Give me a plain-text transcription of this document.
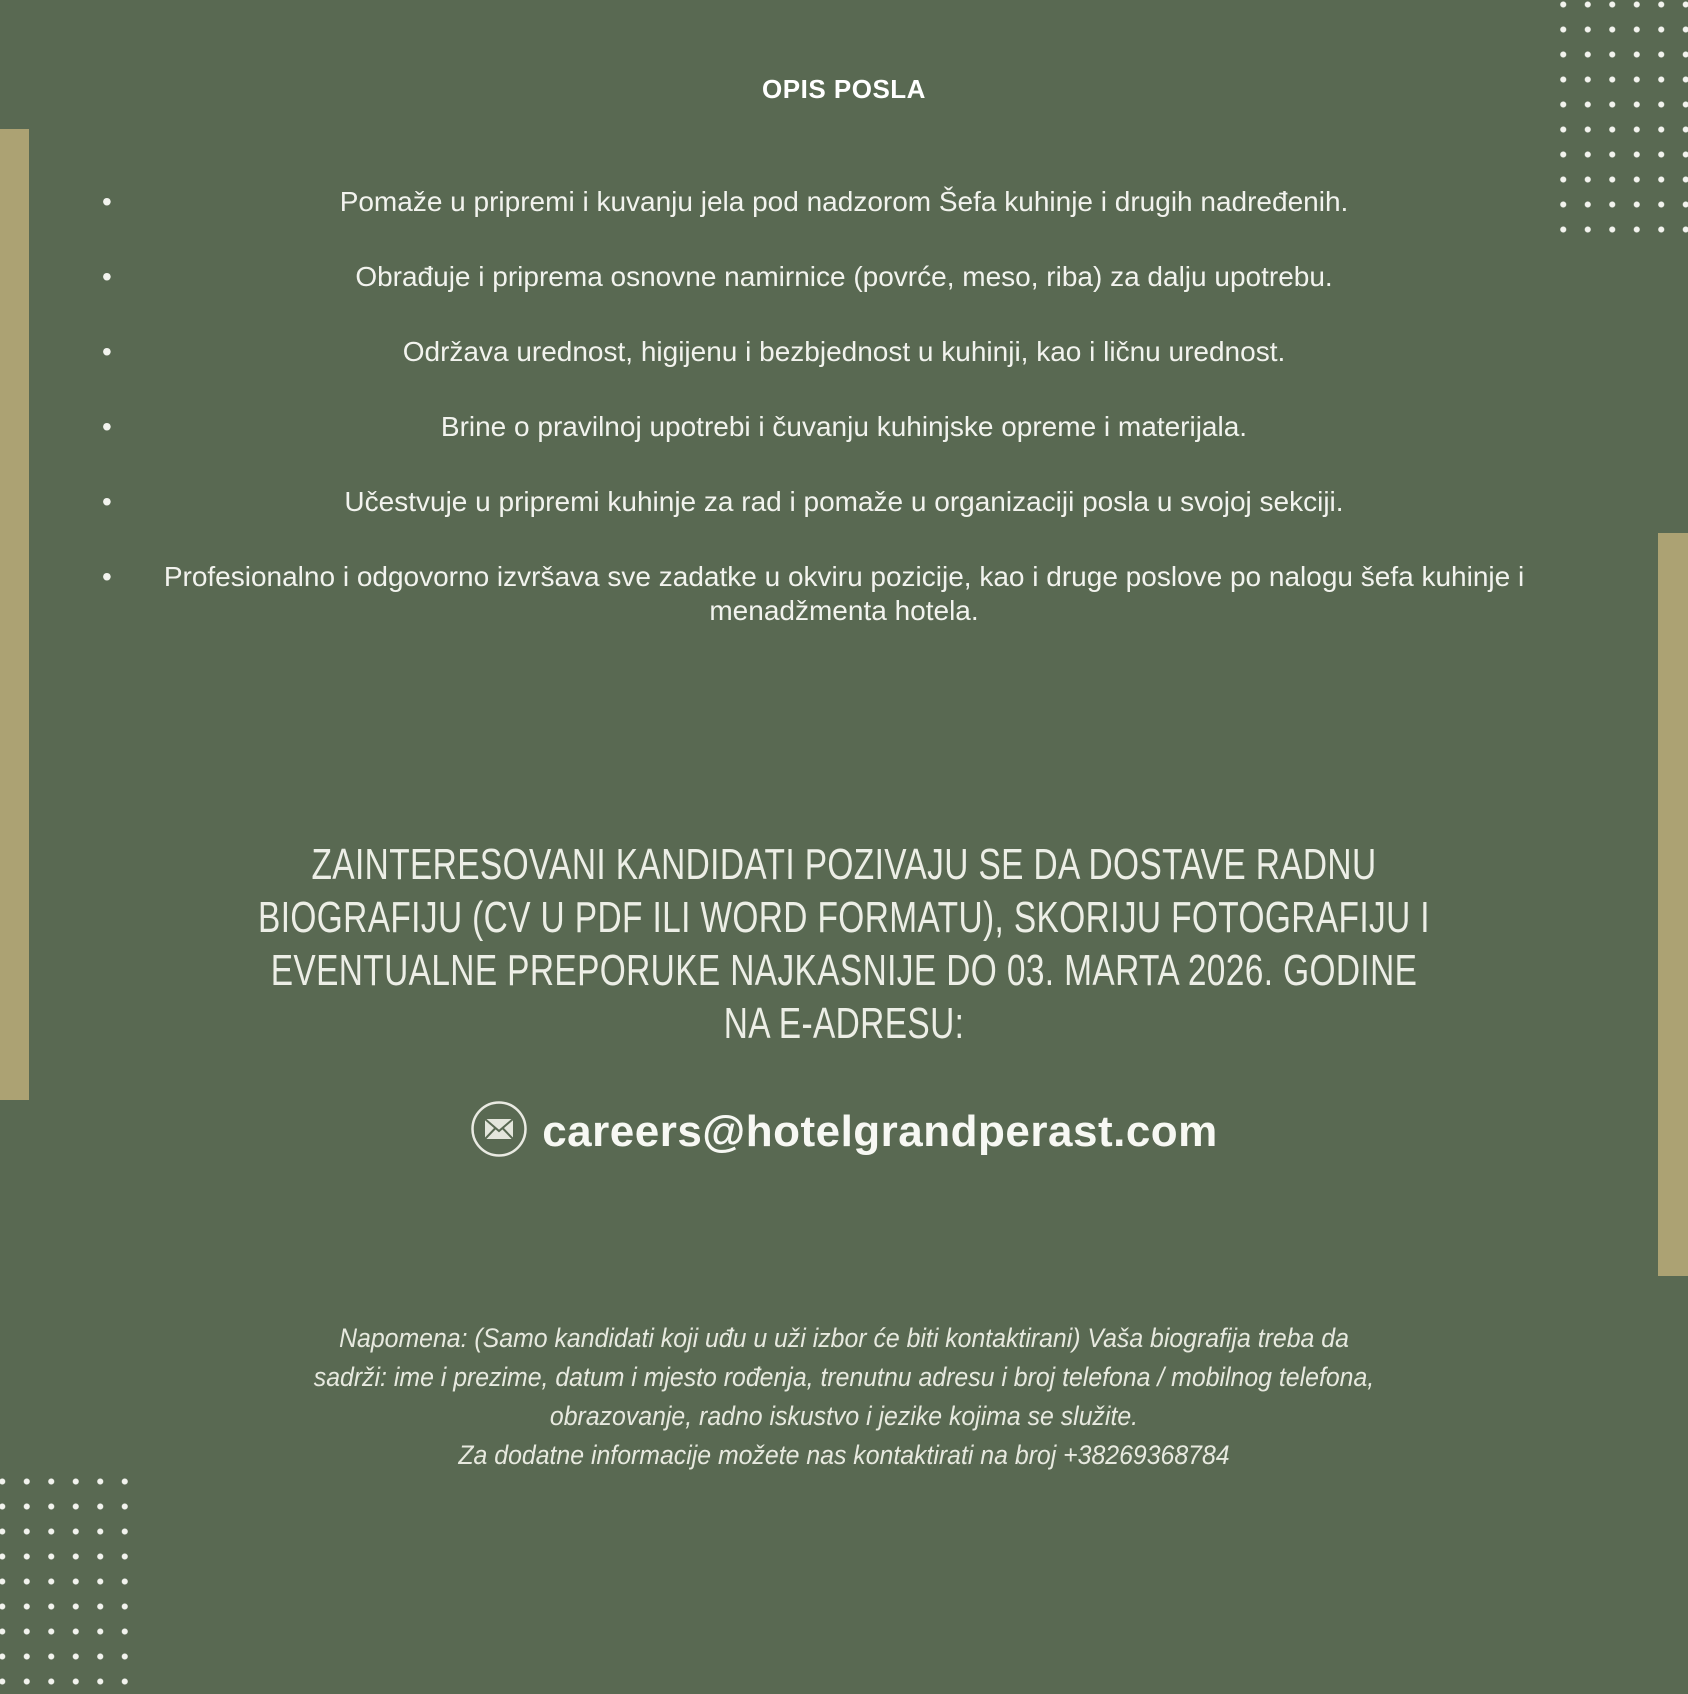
OPIS POSLA
•	Pomaže u pripremi i kuvanju jela pod nadzorom Šefa kuhinje i drugih nadređenih.
•	Obrađuje i priprema osnovne namirnice (povrće, meso, riba) za dalju upotrebu.
•	Održava urednost, higijenu i bezbjednost u kuhinji, kao i ličnu urednost.
•	Brine o pravilnoj upotrebi i čuvanju kuhinjske opreme i materijala.
•	Učestvuje u pripremi kuhinje za rad i pomaže u organizaciji posla u svojoj sekciji.
• Profesionalno i odgovorno izvršava sve zadatke u okviru pozicije, kao i druge poslove po nalogu šefa kuhinje i menadžmenta hotela.
ZAINTERESOVANI KANDIDATI POZIVAJU SE DA DOSTAVE RADNU
BIOGRAFIJU (CV U PDF ILI WORD FORMATU), SKORIJU FOTOGRAFIJU I
EVENTUALNE PREPORUKE NAJKASNIJE DO 03. MARTA 2026. GODINE
NA E-ADRESU:
careers@hotelgrandperast.com
Napomena: (Samo kandidati koji uđu u uži izbor će biti kontaktirani) Vaša biografija treba da
sadrži: ime i prezime, datum i mjesto rođenja, trenutnu adresu i broj telefona / mobilnog telefona,
obrazovanje, radno iskustvo i jezike kojima se služite.
Za dodatne informacije možete nas kontaktirati na broj +38269368784
